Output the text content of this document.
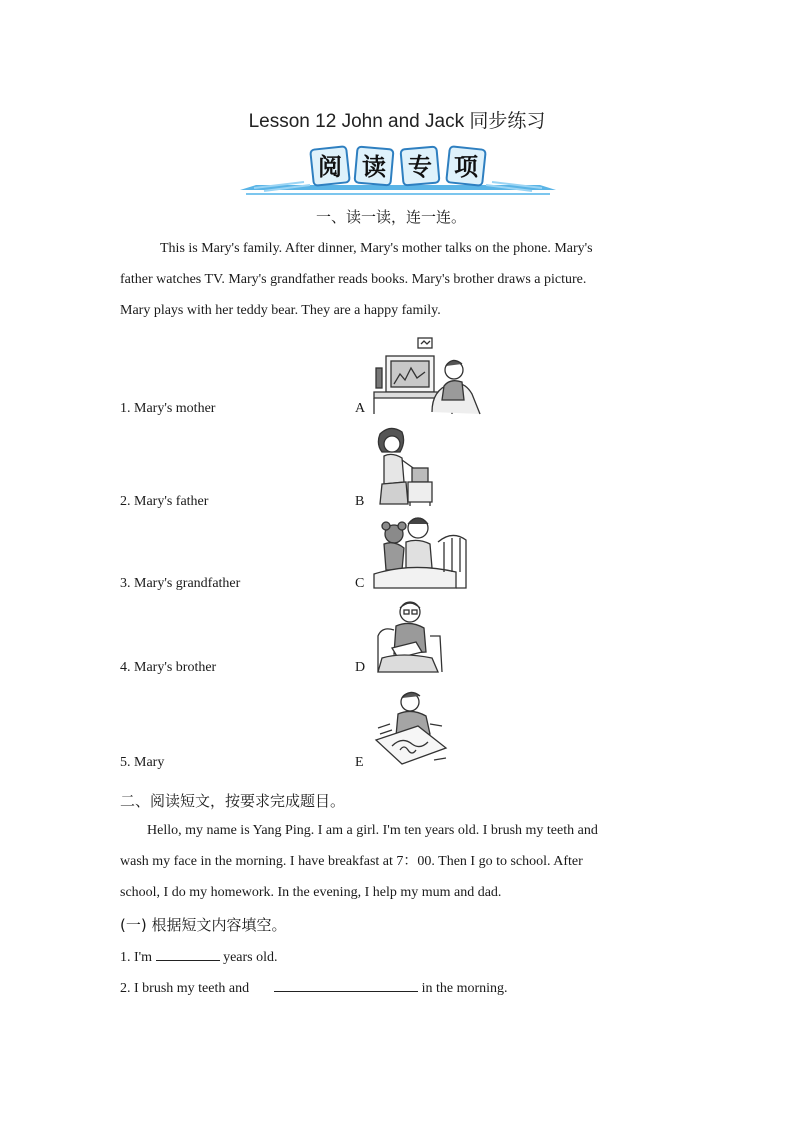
Lesson 12 John and Jack 同步练习
阅 读 专 项
一、读一读，连一连。
This is Mary's family. After dinner, Mary's mother talks on the phone. Mary's
father watches TV. Mary's grandfather reads books. Mary's brother draws a picture.
Mary plays with her teddy bear. They are a happy family.
1. Mary's mother	A
2. Mary's father	B
3. Mary's grandfather	C
4. Mary's brother	D
5. Mary	E
二、阅读短文，按要求完成题目。
Hello, my name is Yang Ping. I am a girl. I'm ten years old. I brush my teeth and
wash my face in the morning. I have breakfast at 7：00. Then I go to school. After
school, I do my homework. In the evening, I help my mum and dad.
(一) 根据短文内容填空。
1. I'm	years old.
2. I brush my teeth and	in the morning.
